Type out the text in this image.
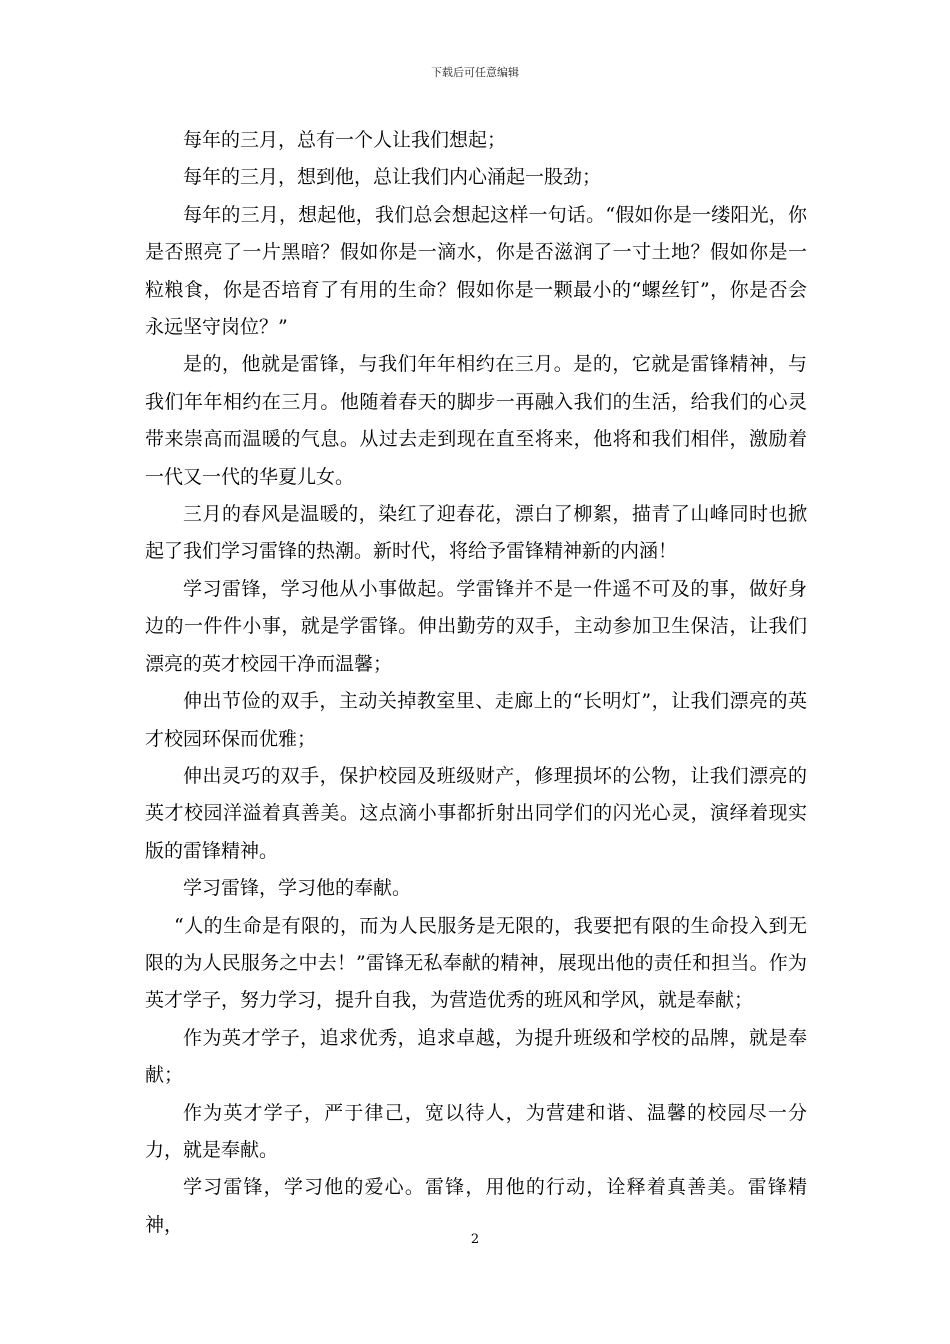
下载后可任意编辑

每年的三月，总有一个人让我们想起；

每年的三月，想到他，总让我们内心涌起一股劲；

每年的三月，想起他，我们总会想起这样一句话。“假如你是一缕阳光，你是否照亮了一片黑暗？假如你是一滴水，你是否滋润了一寸土地？假如你是一粒粮食，你是否培育了有用的生命？假如你是一颗最小的“螺丝钉”，你是否会永远坚守岗位？”

是的，他就是雷锋，与我们年年相约在三月。是的，它就是雷锋精神，与我们年年相约在三月。他随着春天的脚步一再融入我们的生活，给我们的心灵带来崇高而温暖的气息。从过去走到现在直至将来，他将和我们相伴，激励着一代又一代的华夏儿女。

三月的春风是温暖的，染红了迎春花，漂白了柳絮，描青了山峰同时也掀起了我们学习雷锋的热潮。新时代，将给予雷锋精神新的内涵！

学习雷锋，学习他从小事做起。学雷锋并不是一件遥不可及的事，做好身边的一件件小事，就是学雷锋。伸出勤劳的双手，主动参加卫生保洁，让我们漂亮的英才校园干净而温馨；

伸出节俭的双手，主动关掉教室里、走廊上的“长明灯”，让我们漂亮的英才校园环保而优雅；

伸出灵巧的双手，保护校园及班级财产，修理损坏的公物，让我们漂亮的英才校园洋溢着真善美。这点滴小事都折射出同学们的闪光心灵，演绎着现实版的雷锋精神。

学习雷锋，学习他的奉献。

“人的生命是有限的，而为人民服务是无限的，我要把有限的生命投入到无限的为人民服务之中去！”雷锋无私奉献的精神，展现出他的责任和担当。作为英才学子，努力学习，提升自我，为营造优秀的班风和学风，就是奉献；

作为英才学子，追求优秀，追求卓越，为提升班级和学校的品牌，就是奉献；

作为英才学子，严于律己，宽以待人，为营建和谐、温馨的校园尽一分力，就是奉献。

学习雷锋，学习他的爱心。雷锋，用他的行动，诠释着真善美。雷锋精神，

2
